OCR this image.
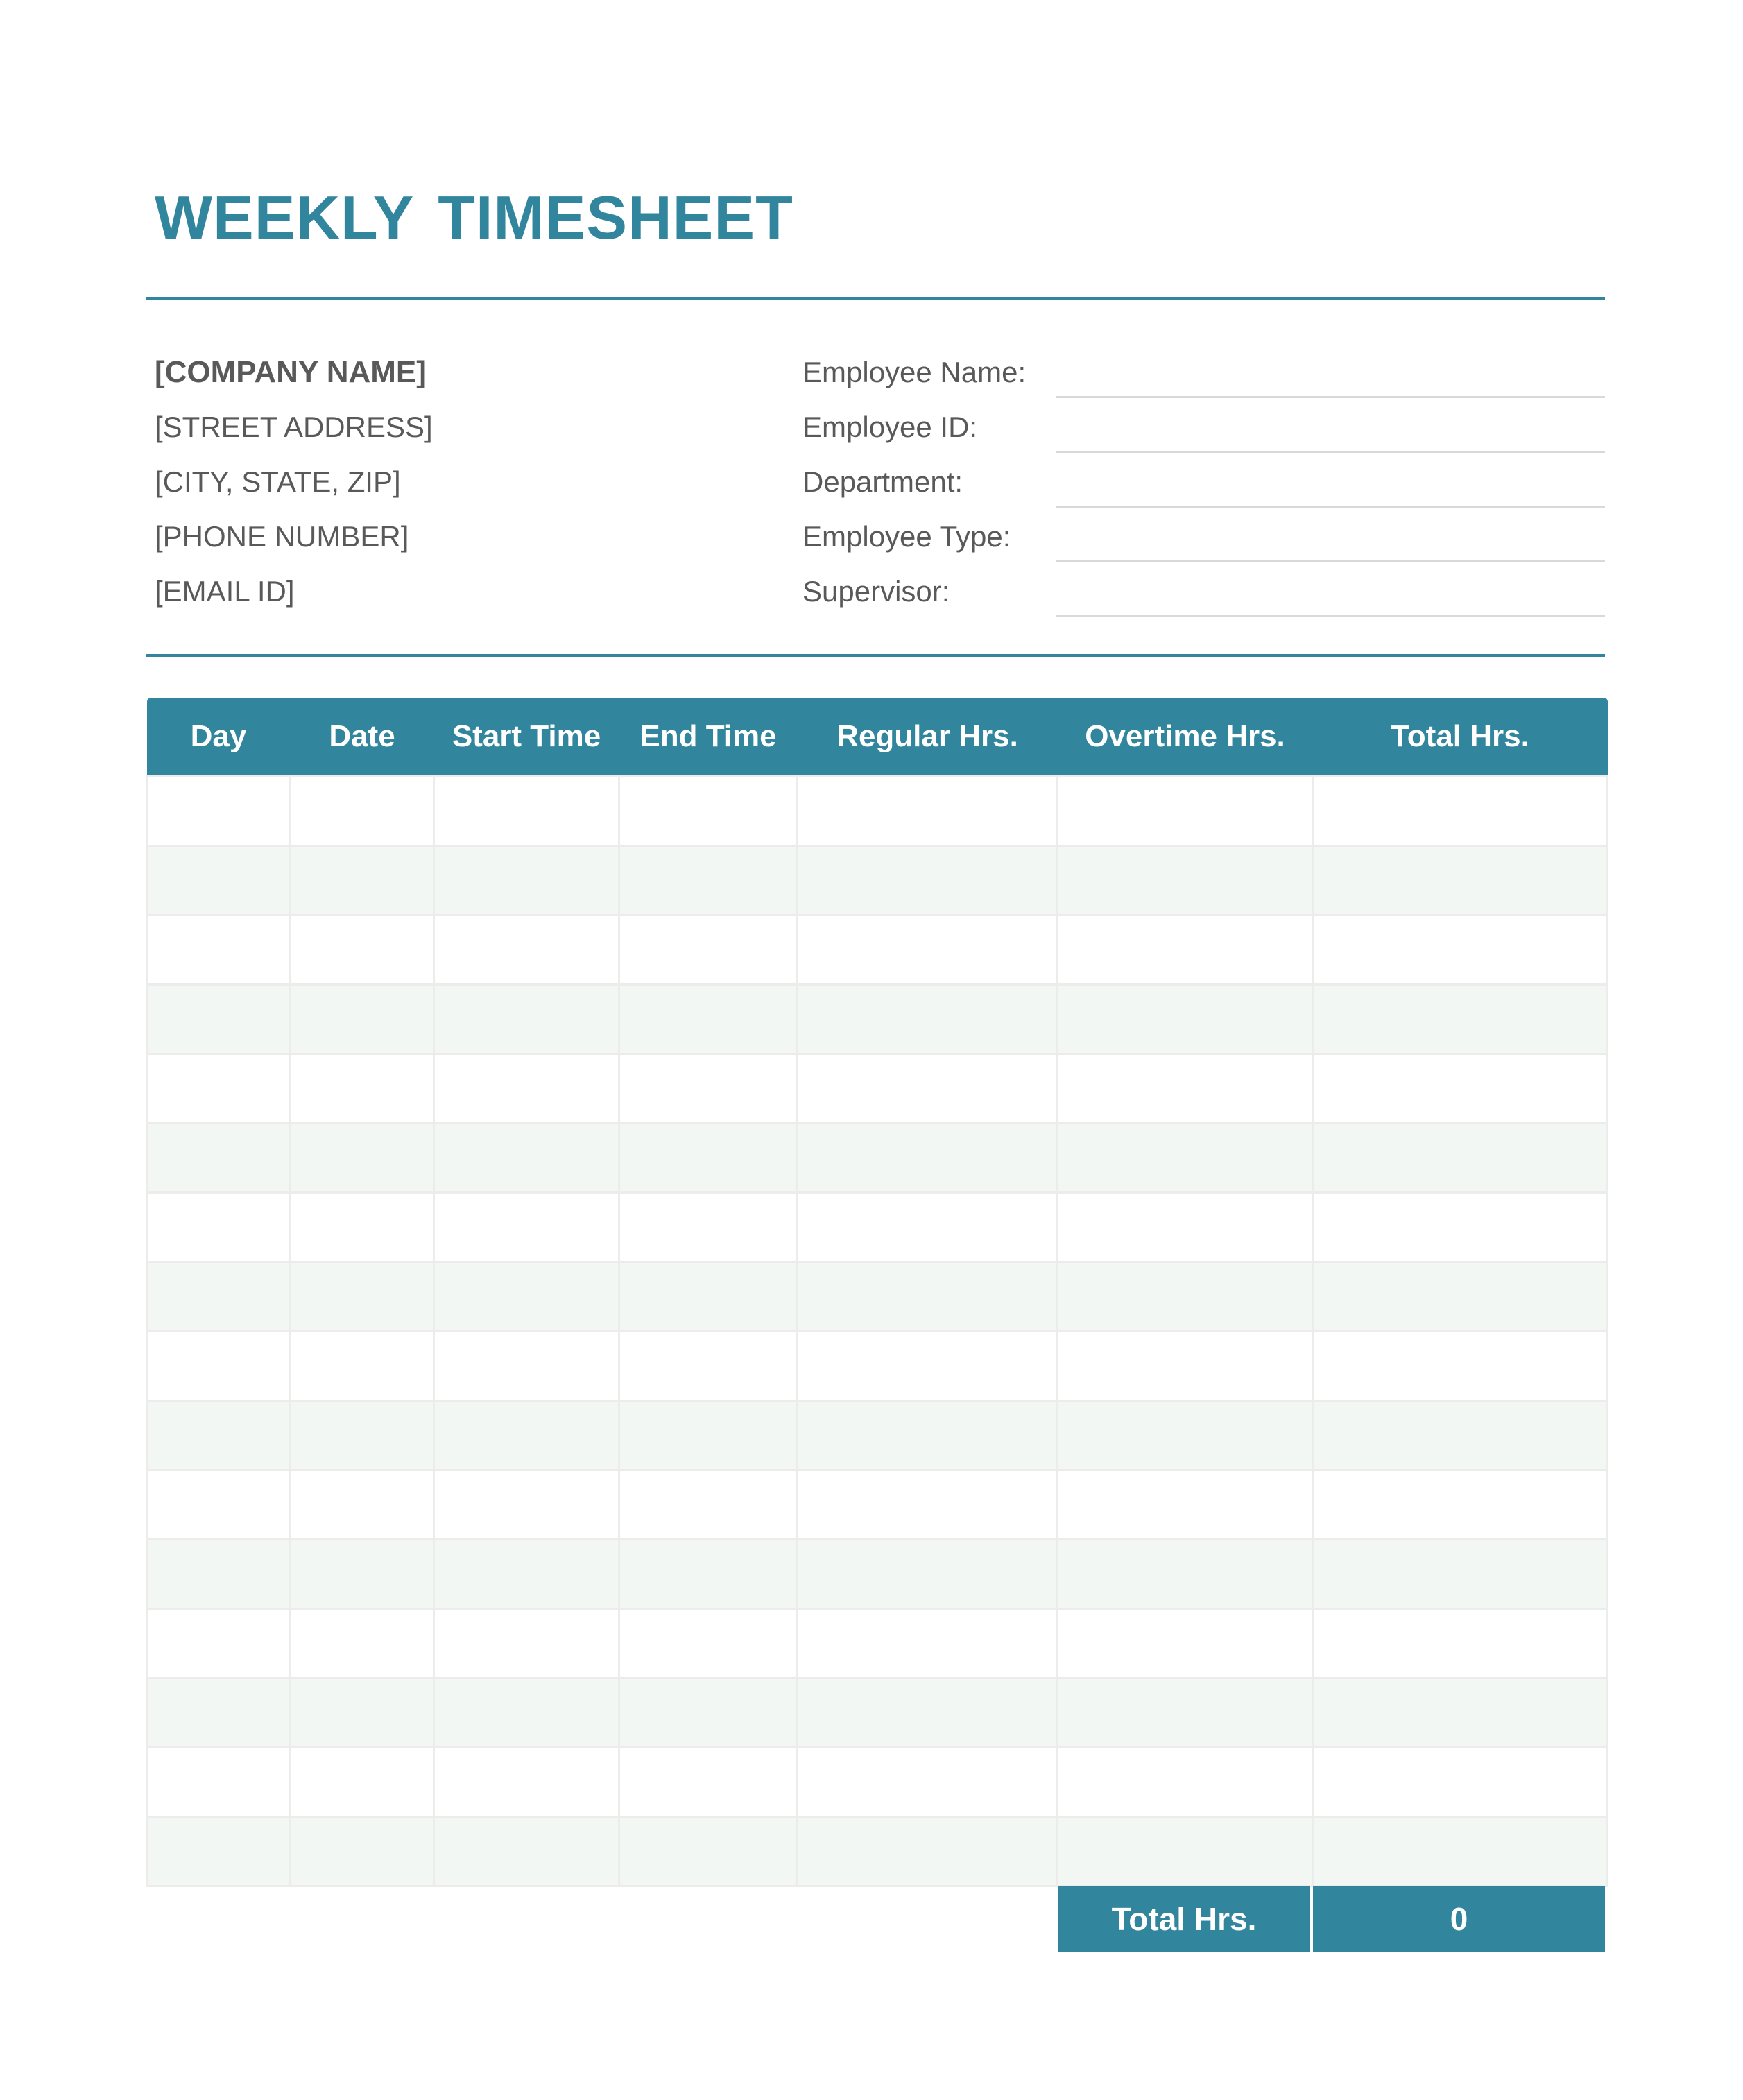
WEEKLY TIMESHEET
[COMPANY NAME]
[STREET ADDRESS]
[CITY, STATE, ZIP]
[PHONE NUMBER]
[EMAIL ID]
Employee Name:
Employee ID:
Department:
Employee Type:
Supervisor:
Day	Date	Start Time	End Time	Regular Hrs.	Overtime Hrs.	Total Hrs.

Total Hrs.	0
